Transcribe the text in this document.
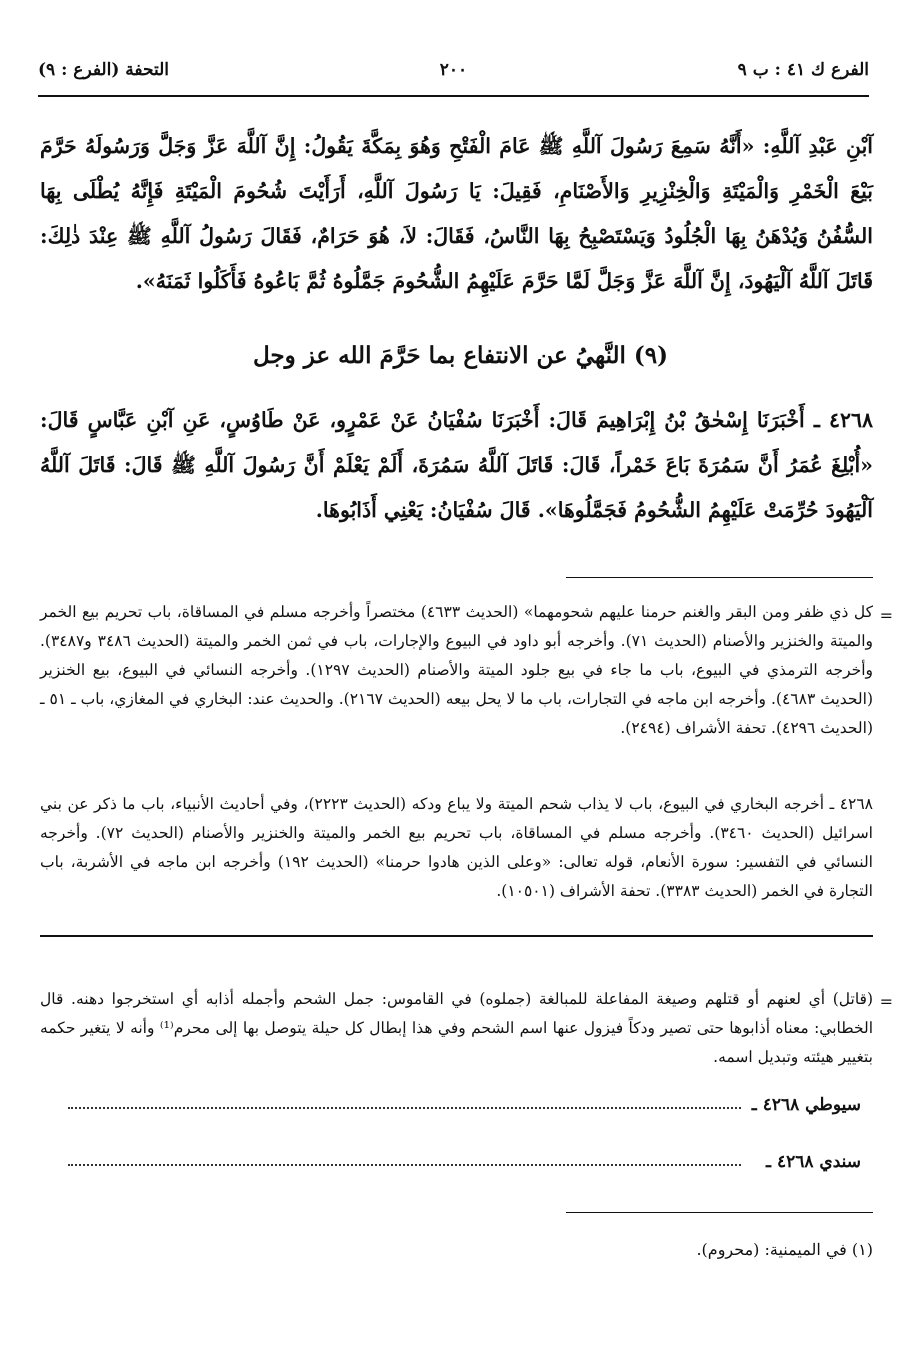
الفرع ك ٤١ : ب ٩
٢٠٠
التحفة (الفرع : ٩)
آبْنِ عَبْدِ آللَّهِ: «أَنَّهُ سَمِعَ رَسُولَ آللَّهِ ﷺ عَامَ الْفَتْحِ وَهُوَ بِمَكَّةَ يَقُولُ: إِنَّ آللَّهَ عَزَّ وَجَلَّ وَرَسُولَهُ حَرَّمَ بَيْعَ الْخَمْرِ وَالْمَيْتَةِ وَالْخِنْزِيرِ وَالأَصْنَامِ، فَقِيلَ: يَا رَسُولَ آللَّهِ، أَرَأَيْتَ شُحُومَ الْمَيْتَةِ فَإِنَّهُ يُطْلَى بِهَا السُّفُنُ وَيُدْهَنُ بِهَا الْجُلُودُ وَيَسْتَصْبِحُ بِهَا النَّاسُ، فَقَالَ: لاَ، هُوَ حَرَامٌ، فَقَالَ رَسُولُ آللَّهِ ﷺ عِنْدَ ذٰلِكَ: قَاتَلَ آللَّهُ آلْيَهُودَ، إِنَّ آللَّهَ عَزَّ وَجَلَّ لَمَّا حَرَّمَ عَلَيْهِمُ الشُّحُومَ جَمَّلُوهُ ثُمَّ بَاعُوهُ فَأَكَلُوا ثَمَنَهُ».
(٩) النَّهيُ عن الانتفاع بما حَرَّمَ الله عز وجل
٤٢٦٨ ـ أَخْبَرَنَا إِسْحٰقُ بْنُ إِبْرَاهِيمَ قَالَ: أَخْبَرَنَا سُفْيَانُ عَنْ عَمْرٍو، عَنْ طَاوُسٍ، عَنِ آبْنِ عَبَّاسٍ قَالَ: «أُبْلِغَ عُمَرُ أَنَّ سَمُرَةَ بَاعَ خَمْراً، قَالَ: قَاتَلَ آللَّهُ سَمُرَةَ، أَلَمْ يَعْلَمْ أَنَّ رَسُولَ آللَّهِ ﷺ قَالَ: قَاتَلَ آللَّهُ آلْيَهُودَ حُرِّمَتْ عَلَيْهِمُ الشُّحُومُ فَجَمَّلُوهَا». قَالَ سُفْيَانُ: يَعْنِي أَذَابُوهَا.
=
كل ذي ظفر ومن البقر والغنم حرمنا عليهم شحومهما» (الحديث ٤٦٣٣) مختصراً وأخرجه مسلم في المساقاة، باب تحريم بيع الخمر والميتة والخنزير والأصنام (الحديث ٧١). وأخرجه أبو داود في البيوع والإجارات، باب في ثمن الخمر والميتة (الحديث ٣٤٨٦ و٣٤٨٧). وأخرجه الترمذي في البيوع، باب ما جاء في بيع جلود الميتة والأصنام (الحديث ١٢٩٧). وأخرجه النسائي في البيوع، بيع الخنزير (الحديث ٤٦٨٣). وأخرجه ابن ماجه في التجارات، باب ما لا يحل بيعه (الحديث ٢١٦٧). والحديث عند: البخاري في المغازي، باب ـ ٥١ ـ (الحديث ٤٢٩٦). تحفة الأشراف (٢٤٩٤).
٤٢٦٨ ـ أخرجه البخاري في البيوع، باب لا يذاب شحم الميتة ولا يباع ودكه (الحديث ٢٢٢٣)، وفي أحاديث الأنبياء، باب ما ذكر عن بني اسرائيل (الحديث ٣٤٦٠). وأخرجه مسلم في المساقاة، باب تحريم بيع الخمر والميتة والخنزير والأصنام (الحديث ٧٢). وأخرجه النسائي في التفسير: سورة الأنعام، قوله تعالى: «وعلى الذين هادوا حرمنا» (الحديث ١٩٢) وأخرجه ابن ماجه في الأشربة، باب التجارة في الخمر (الحديث ٣٣٨٣). تحفة الأشراف (١٠٥٠١).
=
(قاتل) أي لعنهم أو قتلهم وصيغة المفاعلة للمبالغة (جملوه) في القاموس: جمل الشحم وأجمله أذابه أي استخرجوا دهنه. قال الخطابي: معناه أذابوها حتى تصير ودكاً فيزول عنها اسم الشحم وفي هذا إبطال كل حيلة يتوصل بها إلى محرم⁽¹⁾ وأنه لا يتغير حكمه بتغيير هيئته وتبديل اسمه.
سيوطي ٤٢٦٨ ـ
سندي ٤٢٦٨ ـ
(١) في الميمنية: (محروم).
